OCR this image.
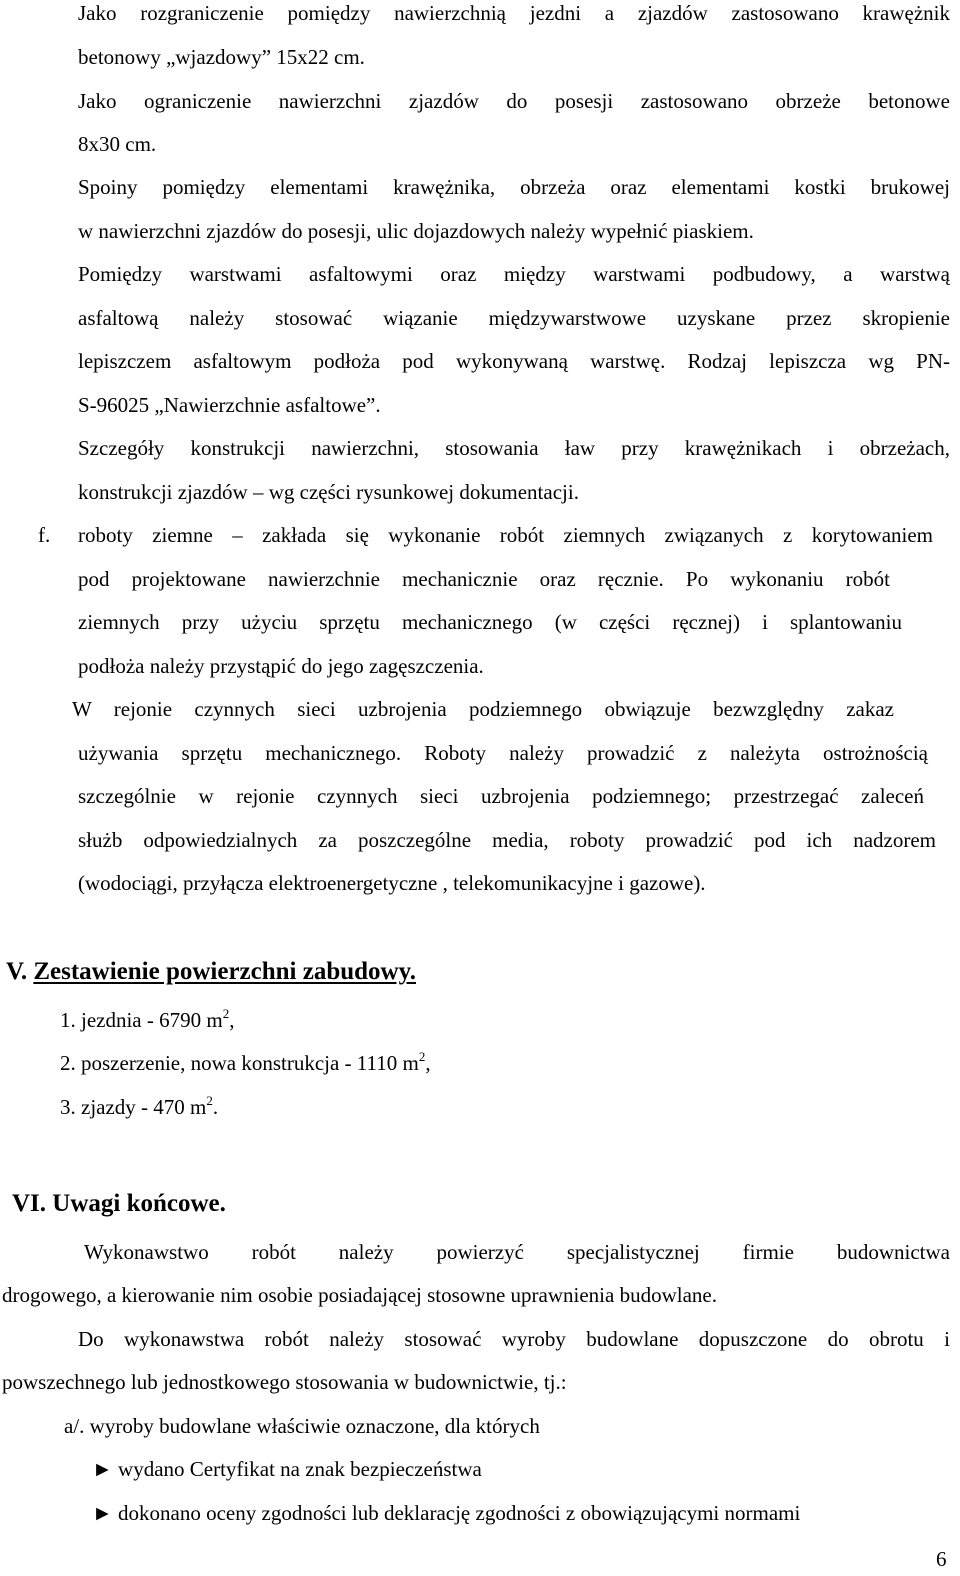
Jako rozgraniczenie pomiędzy nawierzchnią jezdni a zjazdów zastosowano krawężnik

betonowy „wjazdowy” 15x22 cm.

Jako ograniczenie nawierzchni zjazdów do posesji zastosowano obrzeże betonowe

8x30 cm.

Spoiny pomiędzy elementami krawężnika, obrzeża oraz elementami kostki brukowej

w nawierzchni zjazdów do posesji, ulic dojazdowych należy wypełnić piaskiem.

Pomiędzy warstwami asfaltowymi oraz między warstwami podbudowy, a warstwą

asfaltową należy stosować wiązanie międzywarstwowe uzyskane przez skropienie

lepiszczem asfaltowym podłoża pod wykonywaną warstwę. Rodzaj lepiszcza wg PN-

S-96025 „Nawierzchnie asfaltowe”.

Szczegóły konstrukcji nawierzchni, stosowania ław przy krawężnikach i obrzeżach,

konstrukcji zjazdów – wg części rysunkowej dokumentacji.

f. roboty ziemne – zakłada się wykonanie robót ziemnych związanych z korytowaniem

pod projektowane nawierzchnie mechanicznie oraz ręcznie. Po wykonaniu robót

ziemnych przy użyciu sprzętu mechanicznego (w części ręcznej) i splantowaniu

podłoża należy przystąpić do jego zagęszczenia.

W rejonie czynnych sieci uzbrojenia podziemnego obwiązuje bezwzględny zakaz

używania sprzętu mechanicznego. Roboty należy prowadzić z należyta ostrożnością

szczególnie w rejonie czynnych sieci uzbrojenia podziemnego; przestrzegać zaleceń

służb odpowiedzialnych za poszczególne media, roboty prowadzić pod ich nadzorem

(wodociągi, przyłącza elektroenergetyczne , telekomunikacyjne i gazowe).

V. Zestawienie powierzchni zabudowy.
1. jezdnia - 6790 $m^2$,
2. poszerzenie, nowa konstrukcja - 1110 $m^2$,
3. zjazdy - 470 $m^2$.
VI. Uwagi końcowe.

Wykonawstwo robót należy powierzyć specjalistycznej firmie budownictwa

drogowego, a kierowanie nim osobie posiadającej stosowne uprawnienia budowlane.

Do wykonawstwa robót należy stosować wyroby budowlane dopuszczone do obrotu i

powszechnego lub jednostkowego stosowania w budownictwie, tj.:

a/. wyroby budowlane właściwie oznaczone, dla których

► wydano Certyfikat na znak bezpieczeństwa

► dokonano oceny zgodności lub deklarację zgodności z obowiązującymi normami

6
